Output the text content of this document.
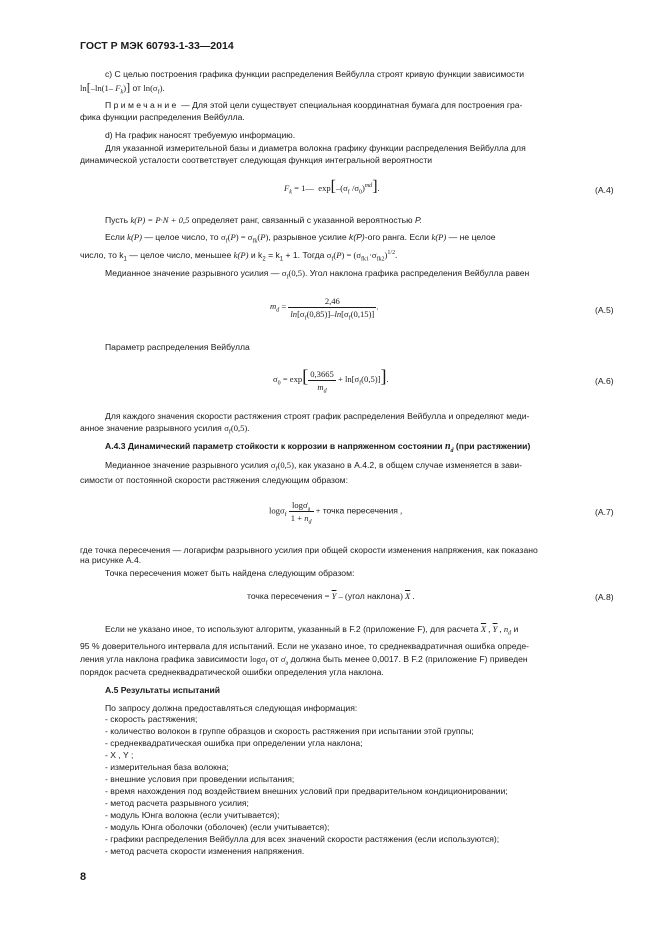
ГОСТ Р МЭК 60793-1-33—2014
с) С целью построения графика функции распределения Вейбулла строят кривую функции зависимости
ln[–ln(1– $F_k$)] от $\ln(\sigma_f)$.
Примечание — Для этой цели существует специальная координатная бумага для построения гра-
фика функции распределения Вейбулла.
d) На график наносят требуемую информацию.
Для указанной измерительной базы и диаметра волокна графику функции распределения Вейбулла для
динамической усталости соответствует следующая функция интегральной вероятности
$F_k$ = 1—  $\exp[-(\sigma_f$ $/\sigma_0)^{md}$].	(A.4)
Пусть k(P) = P·N + 0,5 определяет ранг, связанный с указанной вероятностью P.
Если k(P) — целое число, то $\sigma_f(P) = \sigma_{fk}(P)$, разрывное усилие k(P)-ого ранга. Если k(P) — не целое
число, то $k_1$ — целое число, меньшее k(P) и $k_2 = k_1 + 1$. Тогда $\sigma_f(P) = (\sigma_{fk1}\cdot\sigma_{fk2})^{1/2}$.
Медианное значение разрывного усилия — $\sigma_f(0,5)$. Угол наклона графика распределения Вейбулла равен
$m_d = \frac{2,46}{\ln[\sigma_f(0,85)]-\ln[\sigma_f(0,15)]}$ .	(A.5)
Параметр распределения Вейбулла
$\sigma_0 = \exp[ \frac{0,3665}{m_d} + \ln[\sigma_f(0,5)]]$.	(A.6)
Для каждого значения скорости растяжения строят график распределения Вейбулла и определяют меди-
анное значение разрывного усилия $\sigma_f(0,5)$.
A.4.3 Динамический параметр стойкости к коррозии в напряженном состоянии $n_d$ (при растяжении)
Медианное значение разрывного усилия $\sigma_f(0,5)$, как указано в А.4.2, в общем случае изменяется в зави-
симости от постоянной скорости растяжения следующим образом:
$\log\sigma_f \frac{\log\sigmȧ_a}{1 + n_d}$ + точка пересечения ,	(A.7)
где точка пересечения — логарифм разрывного усилия при общей скорости изменения напряжения, как показано
на рисунке А.4.
Точка пересечения может быть найдена следующим образом:
точка пересечения = $\overline{Y}$ – (угол наклона) $\overline{X}$ .	(A.8)
Если не указано иное, то используют алгоритм, указанный в F.2 (приложение F), для расчета $\overline{X}$ , $\overline{Y}$ , $n_d$ и
95 % доверительного интервала для испытаний. Если не указано иное, то среднеквадратичная ошибка опреде-
ления угла наклона графика зависимости logσ$_f$ от $\sigmȧ_a$ должна быть менее 0,0017. В F.2 (приложение F) приведен
порядок расчета среднеквадратической ошибки определения угла наклона.
A.5 Результаты испытаний
По запросу должна предоставляться следующая информация:
- скорость растяжения;
- количество волокон в группе образцов и скорость растяжения при испытании этой группы;
- среднеквадратическая ошибка при определении угла наклона;
- X , Y ;
- измерительная база волокна;
- внешние условия при проведении испытания;
- время нахождения под воздействием внешних условий при предварительном кондиционировании;
- метод расчета разрывного усилия;
- модуль Юнга волокна (если учитывается);
- модуль Юнга оболочки (оболочек) (если учитывается);
- графики распределения Вейбулла для всех значений скорости растяжения (если используются);
- метод расчета скорости изменения напряжения.
8
